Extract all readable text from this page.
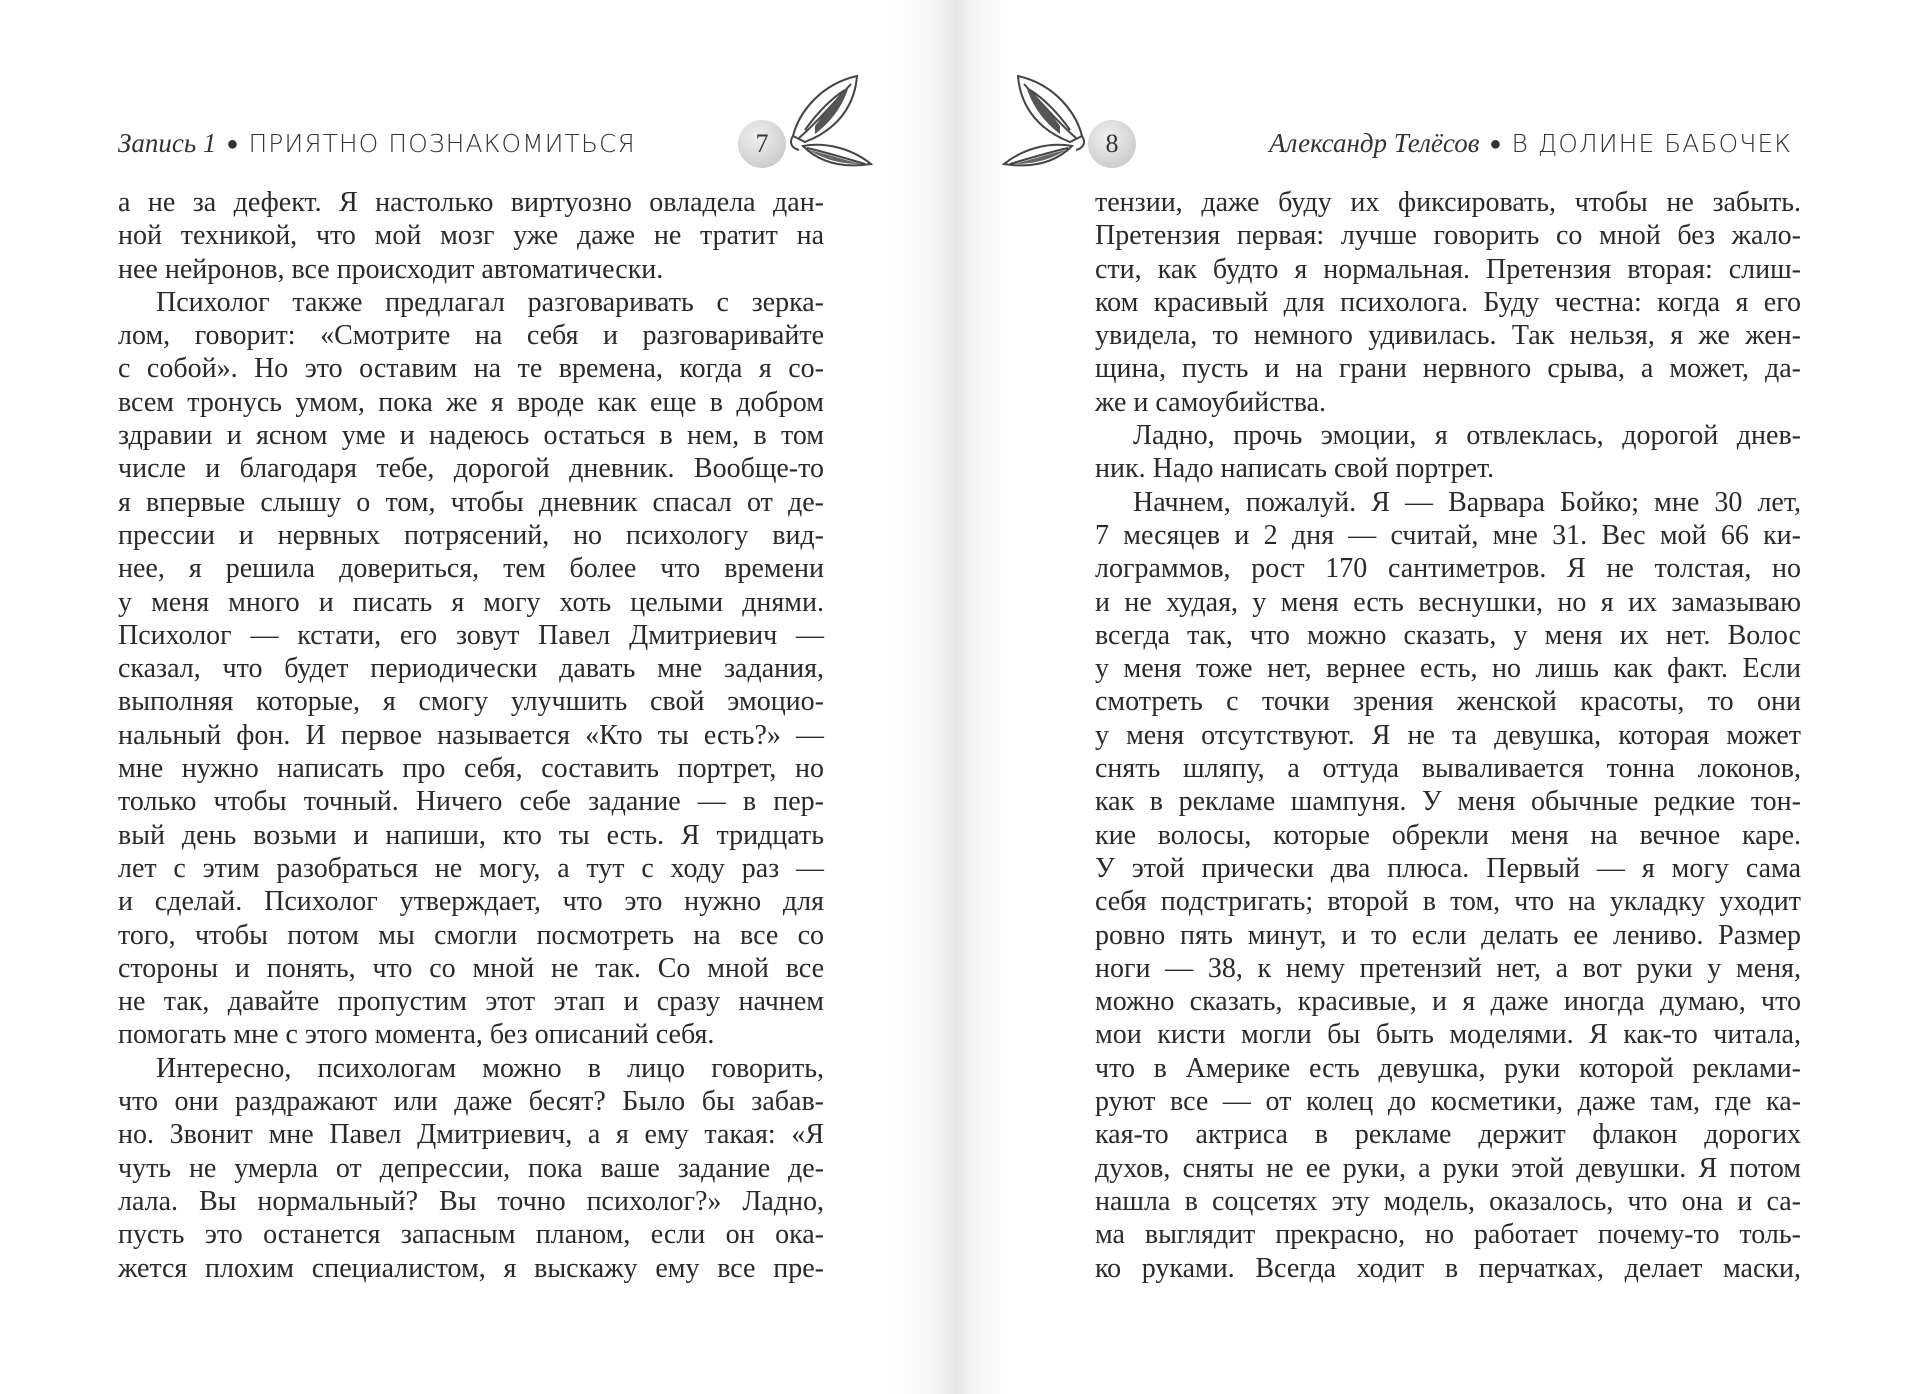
Запись 1 ● ПРИЯТНО ПОЗНАКОМИТЬСЯ	7
а не за дефект. Я настолько виртуозно овладела дан-
ной техникой, что мой мозг уже даже не тратит на
нее нейронов, все происходит автоматически.
Психолог также предлагал разговаривать с зерка-
лом, говорит: «Смотрите на себя и разговаривайте
с собой». Но это оставим на те времена, когда я со-
всем тронусь умом, пока же я вроде как еще в добром
здравии и ясном уме и надеюсь остаться в нем, в том
числе и благодаря тебе, дорогой дневник. Вообще-то
я впервые слышу о том, чтобы дневник спасал от де-
прессии и нервных потрясений, но психологу вид-
нее, я решила довериться, тем более что времени
у меня много и писать я могу хоть целыми днями.
Психолог — кстати, его зовут Павел Дмитриевич —
сказал, что будет периодически давать мне задания,
выполняя которые, я смогу улучшить свой эмоцио-
нальный фон. И первое называется «Кто ты есть?» —
мне нужно написать про себя, составить портрет, но
только чтобы точный. Ничего себе задание — в пер-
вый день возьми и напиши, кто ты есть. Я тридцать
лет с этим разобраться не могу, а тут с ходу раз —
и сделай. Психолог утверждает, что это нужно для
того, чтобы потом мы смогли посмотреть на все со
стороны и понять, что со мной не так. Со мной все
не так, давайте пропустим этот этап и сразу начнем
помогать мне с этого момента, без описаний себя.
Интересно, психологам можно в лицо говорить,
что они раздражают или даже бесят? Было бы забав-
но. Звонит мне Павел Дмитриевич, а я ему такая: «Я
чуть не умерла от депрессии, пока ваше задание де-
лала. Вы нормальный? Вы точно психолог?» Ладно,
пусть это останется запасным планом, если он ока-
жется плохим специалистом, я выскажу ему все пре-
8	Александр Телёсов ● В ДОЛИНЕ БАБОЧЕК
тензии, даже буду их фиксировать, чтобы не забыть.
Претензия первая: лучше говорить со мной без жало-
сти, как будто я нормальная. Претензия вторая: слиш-
ком красивый для психолога. Буду честна: когда я его
увидела, то немного удивилась. Так нельзя, я же жен-
щина, пусть и на грани нервного срыва, а может, да-
же и самоубийства.
Ладно, прочь эмоции, я отвлеклась, дорогой днев-
ник. Надо написать свой портрет.
Начнем, пожалуй. Я — Варвара Бойко; мне 30 лет,
7 месяцев и 2 дня — считай, мне 31. Вес мой 66 ки-
лограммов, рост 170 сантиметров. Я не толстая, но
и не худая, у меня есть веснушки, но я их замазываю
всегда так, что можно сказать, у меня их нет. Волос
у меня тоже нет, вернее есть, но лишь как факт. Если
смотреть с точки зрения женской красоты, то они
у меня отсутствуют. Я не та девушка, которая может
снять шляпу, а оттуда вываливается тонна локонов,
как в рекламе шампуня. У меня обычные редкие тон-
кие волосы, которые обрекли меня на вечное каре.
У этой прически два плюса. Первый — я могу сама
себя подстригать; второй в том, что на укладку уходит
ровно пять минут, и то если делать ее лениво. Размер
ноги — 38, к нему претензий нет, а вот руки у меня,
можно сказать, красивые, и я даже иногда думаю, что
мои кисти могли бы быть моделями. Я как-то читала,
что в Америке есть девушка, руки которой реклами-
руют все — от колец до косметики, даже там, где ка-
кая-то актриса в рекламе держит флакон дорогих
духов, сняты не ее руки, а руки этой девушки. Я потом
нашла в соцсетях эту модель, оказалось, что она и са-
ма выглядит прекрасно, но работает почему-то толь-
ко руками. Всегда ходит в перчатках, делает маски,
